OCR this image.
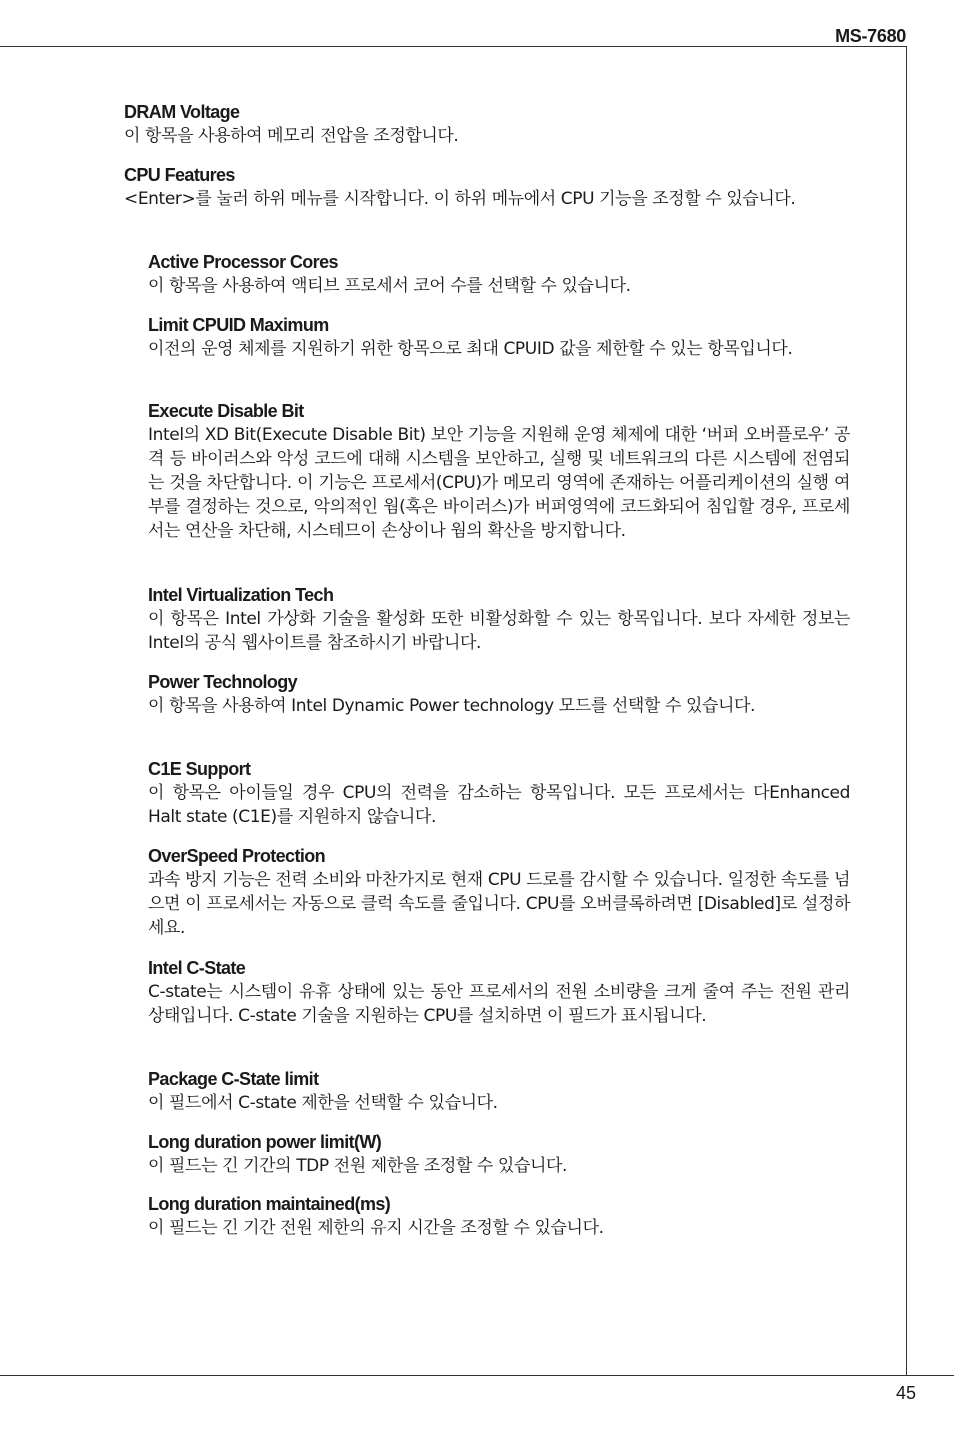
MS-7680
DRAM Voltage
이 항목을 사용하여 메모리 전압을 조정합니다.
CPU Features
<Enter>를 눌러 하위 메뉴를 시작합니다. 이 하위 메뉴에서 CPU 기능을 조정할 수 있습니다.
Active Processor Cores
이 항목을 사용하여 액티브 프로세서 코어 수를 선택할 수 있습니다.
Limit CPUID Maximum
이전의 운영 체제를 지원하기 위한 항목으로 최대 CPUID 값을 제한할 수 있는 항목입니다.
Execute Disable Bit
Intel의 XD Bit(Execute Disable Bit) 보안 기능을 지원해 운영 체제에 대한 ‘버퍼 오버플로우’ 공격 등 바이러스와 악성 코드에 대해 시스템을 보안하고, 실행 및 네트워크의 다른 시스템에 전염되는 것을 차단합니다. 이 기능은 프로세서(CPU)가 메모리 영역에 존재하는 어플리케이션의 실행 여부를 결정하는 것으로, 악의적인 웜(혹은 바이러스)가 버퍼영역에 코드화되어 침입할 경우, 프로세서는 연산을 차단해, 시스테므이 손상이나 웜의 확산을 방지합니다.
Intel Virtualization Tech
이 항목은 Intel 가상화 기술을 활성화 또한 비활성화할 수 있는 항목입니다. 보다 자세한 정보는 Intel의 공식 웹사이트를 참조하시기 바랍니다.
Power Technology
이 항목을 사용하여 Intel Dynamic Power technology 모드를 선택할 수 있습니다.
C1E Support
이 항목은 아이들일 경우 CPU의 전력을 감소하는 항목입니다. 모든 프로세서는 다Enhanced Halt state (C1E)를 지원하지 않습니다.
OverSpeed Protection
과속 방지 기능은 전력 소비와 마찬가지로 현재 CPU 드로를 감시할 수 있습니다. 일정한 속도를 넘으면 이 프로세서는 자동으로 클럭 속도를 줄입니다. CPU를 오버클록하려면 [Disabled]로 설정하세요.
Intel C-State
C-state는 시스템이 유휴 상태에 있는 동안 프로세서의 전원 소비량을 크게 줄여 주는 전원 관리 상태입니다. C-state 기술을 지원하는 CPU를 설치하면 이 필드가 표시됩니다.
Package C-State limit
이 필드에서 C-state 제한을 선택할 수 있습니다.
Long duration power limit(W)
이 필드는 긴 기간의 TDP 전원 제한을 조정할 수 있습니다.
Long duration maintained(ms)
이 필드는 긴 기간 전원 제한의 유지 시간을 조정할 수 있습니다.
45
